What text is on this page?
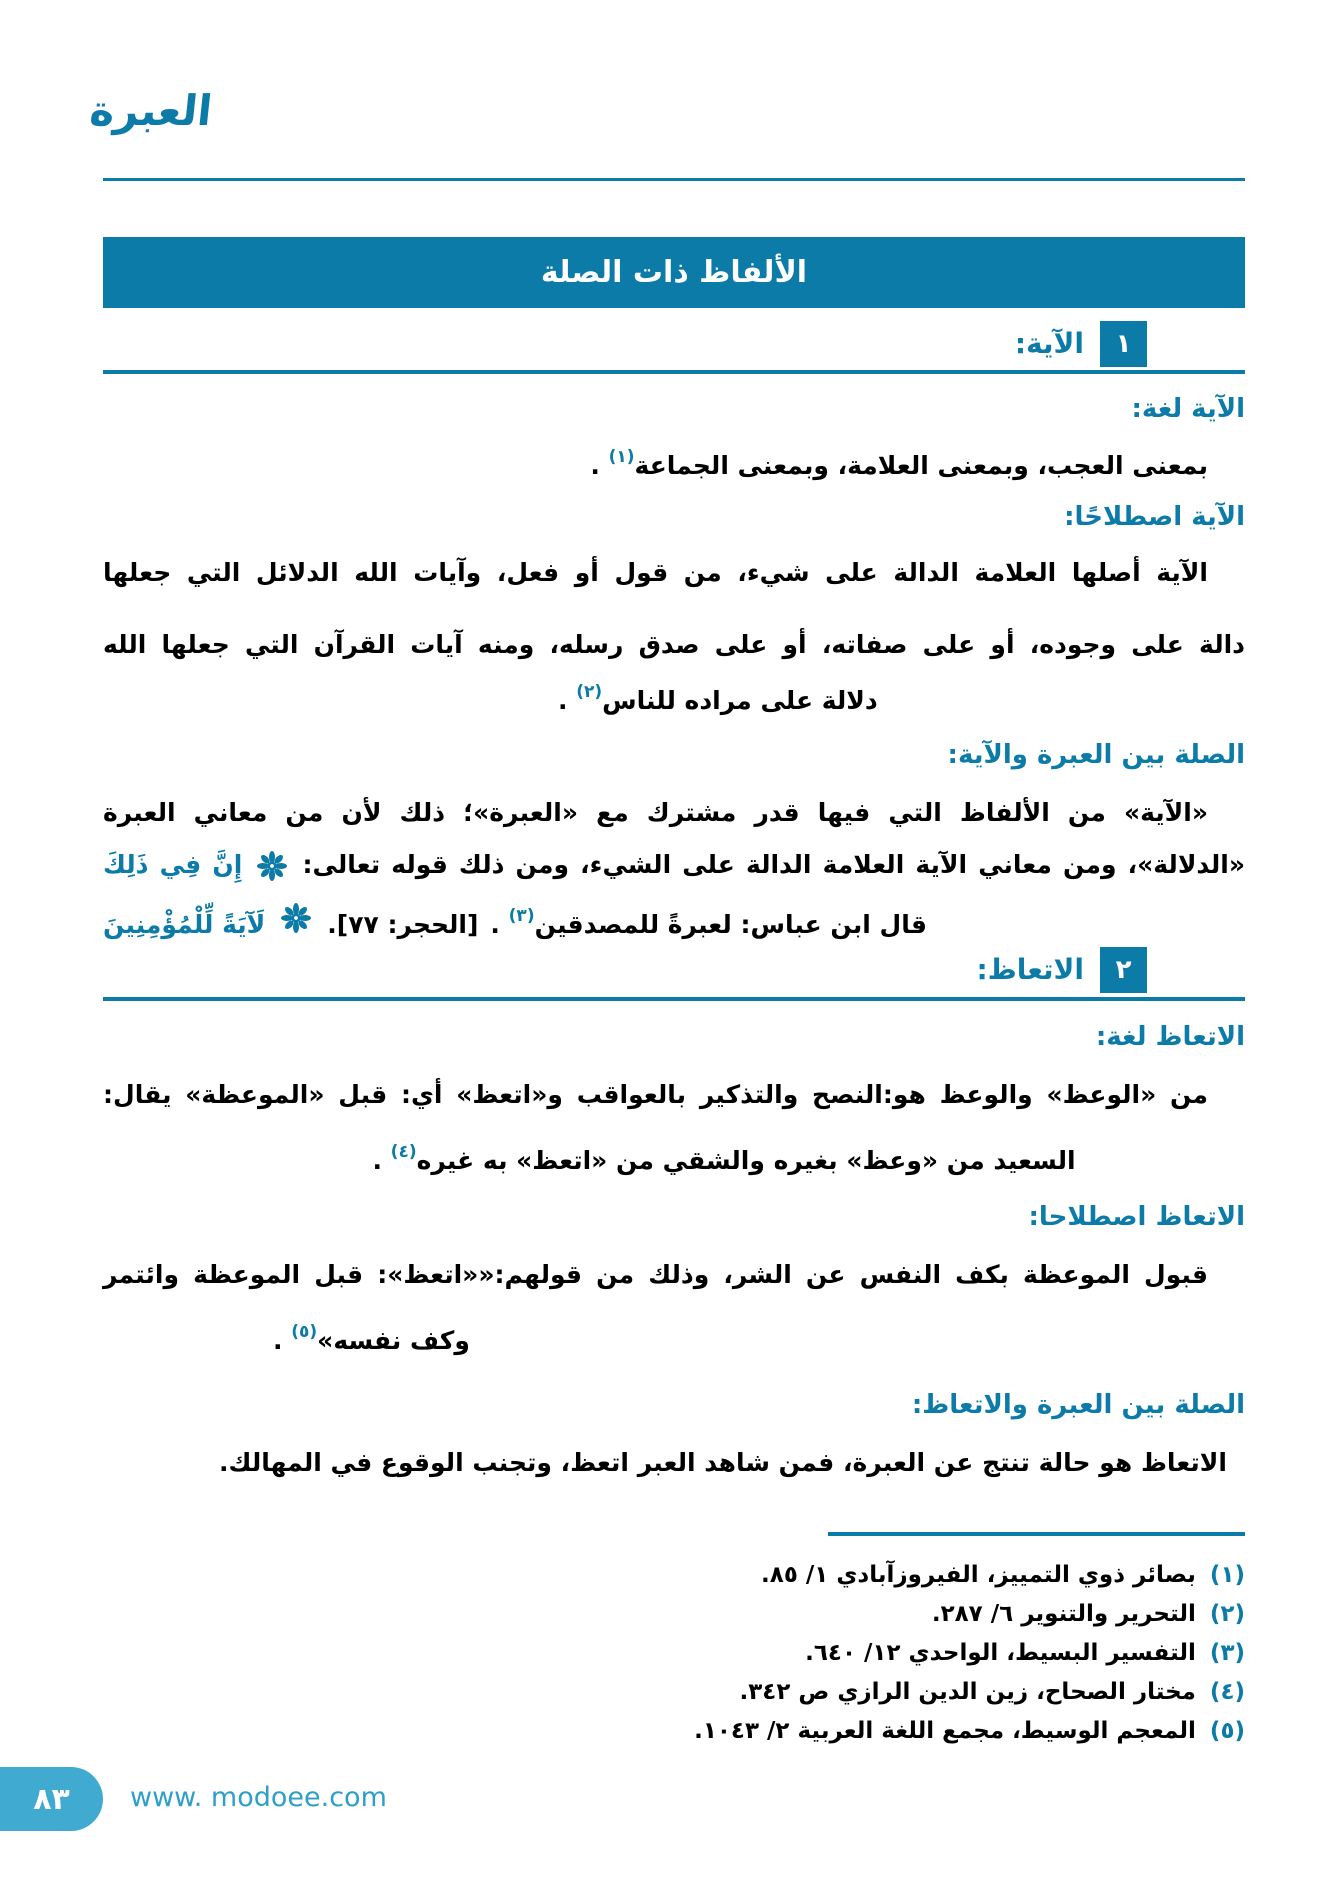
العبرة
الألفاظ ذات الصلة
١
الآية:
الآية لغة:
بمعنى العجب، وبمعنى العلامة، وبمعنى الجماعة$^{(١)}$ .
الآية اصطلاحًا:
الآية أصلها العلامة الدالة على شيء، من قول أو فعل، وآيات الله الدلائل التي جعلها
دالة على وجوده، أو على صفاته، أو على صدق رسله، ومنه آيات القرآن التي جعلها الله
دلالة على مراده للناس$^{(٢)}$ .
الصلة بين العبرة والآية:
«الآية» من الألفاظ التي فيها قدر مشترك مع «العبرة»؛ ذلك لأن من معاني العبرة
«الدلالة»، ومن معاني الآية العلامة الدالة على الشيء، ومن ذلك قوله تعالى:  إِنَّ فِي ذَلِكَ
لَآيَةً لِّلْمُؤْمِنِينَ [الحجر: ٧٧].	قال ابن عباس: لعبرةً للمصدقين$^{(٣)}$ .
٢
الاتعاظ:
الاتعاظ لغة:
من «الوعظ» والوعظ هو:النصح والتذكير بالعواقب و«اتعظ» أي: قبل «الموعظة» يقال:
السعيد من «وعظ» بغيره والشقي من «اتعظ» به غيره$^{(٤)}$ .
الاتعاظ اصطلاحا:
قبول الموعظة بكف النفس عن الشر، وذلك من قولهم:««اتعظ»: قبل الموعظة وائتمر
وكف نفسه»$^{(٥)}$ .
الصلة بين العبرة والاتعاظ:
الاتعاظ هو حالة تنتج عن العبرة، فمن شاهد العبر اتعظ، وتجنب الوقوع في المهالك.
(١)بصائر ذوي التمييز، الفيروزآبادي ١/ ٨٥.
(٢)التحرير والتنوير ٦/ ٢٨٧.
(٣)التفسير البسيط، الواحدي ١٢/ ٦٤٠.
(٤)مختار الصحاح، زين الدين الرازي ص ٣٤٢.
(٥)المعجم الوسيط، مجمع اللغة العربية ٢/ ١٠٤٣.
٨٣ www. modoee.com
